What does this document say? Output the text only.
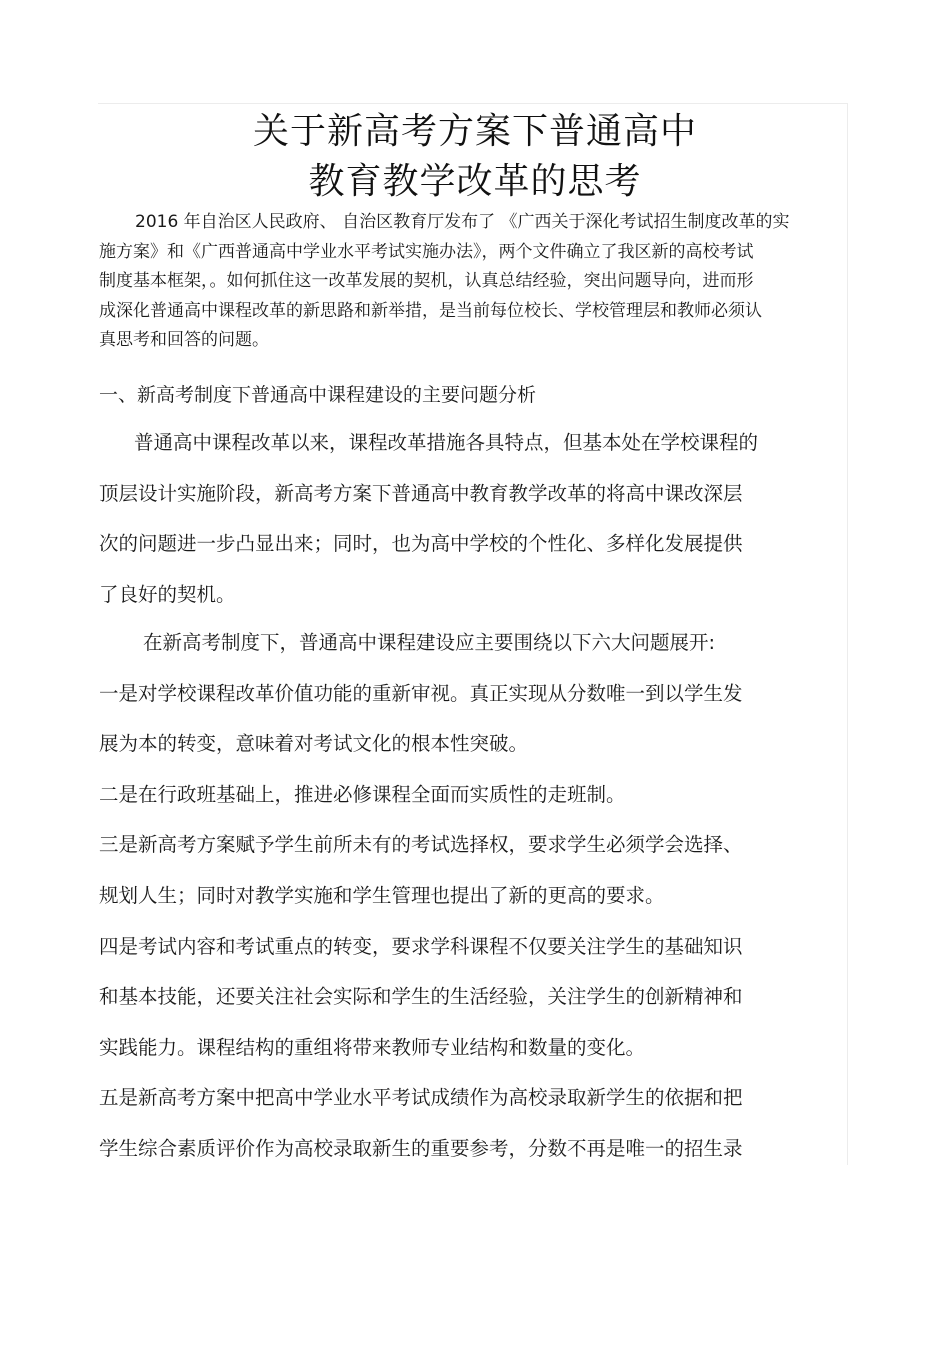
关于新高考方案下普通高中
教育教学改革的思考

2016 年自治区人民政府、 自治区教育厅发布了 《广西关于深化考试招生制度改革的实
施方案》和《广西普通高中学业水平考试实施办法》，两个文件确立了我区新的高校考试
制度基本框架，。如何抓住这一改革发展的契机，认真总结经验，突出问题导向，进而形
成深化普通高中课程改革的新思路和新举措，是当前每位校长、学校管理层和教师必须认
真思考和回答的问题。

一、新高考制度下普通高中课程建设的主要问题分析

普通高中课程改革以来，课程改革措施各具特点，但基本处在学校课程的
顶层设计实施阶段，新高考方案下普通高中教育教学改革的将高中课改深层
次的问题进一步凸显出来；同时，也为高中学校的个性化、多样化发展提供
了良好的契机。

在新高考制度下，普通高中课程建设应主要围绕以下六大问题展开:
一是对学校课程改革价值功能的重新审视。真正实现从分数唯一到以学生发
展为本的转变，意味着对考试文化的根本性突破。
二是在行政班基础上，推进必修课程全面而实质性的走班制。
三是新高考方案赋予学生前所未有的考试选择权，要求学生必须学会选择、
规划人生；同时对教学实施和学生管理也提出了新的更高的要求。
四是考试内容和考试重点的转变，要求学科课程不仅要关注学生的基础知识
和基本技能，还要关注社会实际和学生的生活经验，关注学生的创新精神和
实践能力。课程结构的重组将带来教师专业结构和数量的变化。
五是新高考方案中把高中学业水平考试成绩作为高校录取新学生的依据和把
学生综合素质评价作为高校录取新生的重要参考，分数不再是唯一的招生录
